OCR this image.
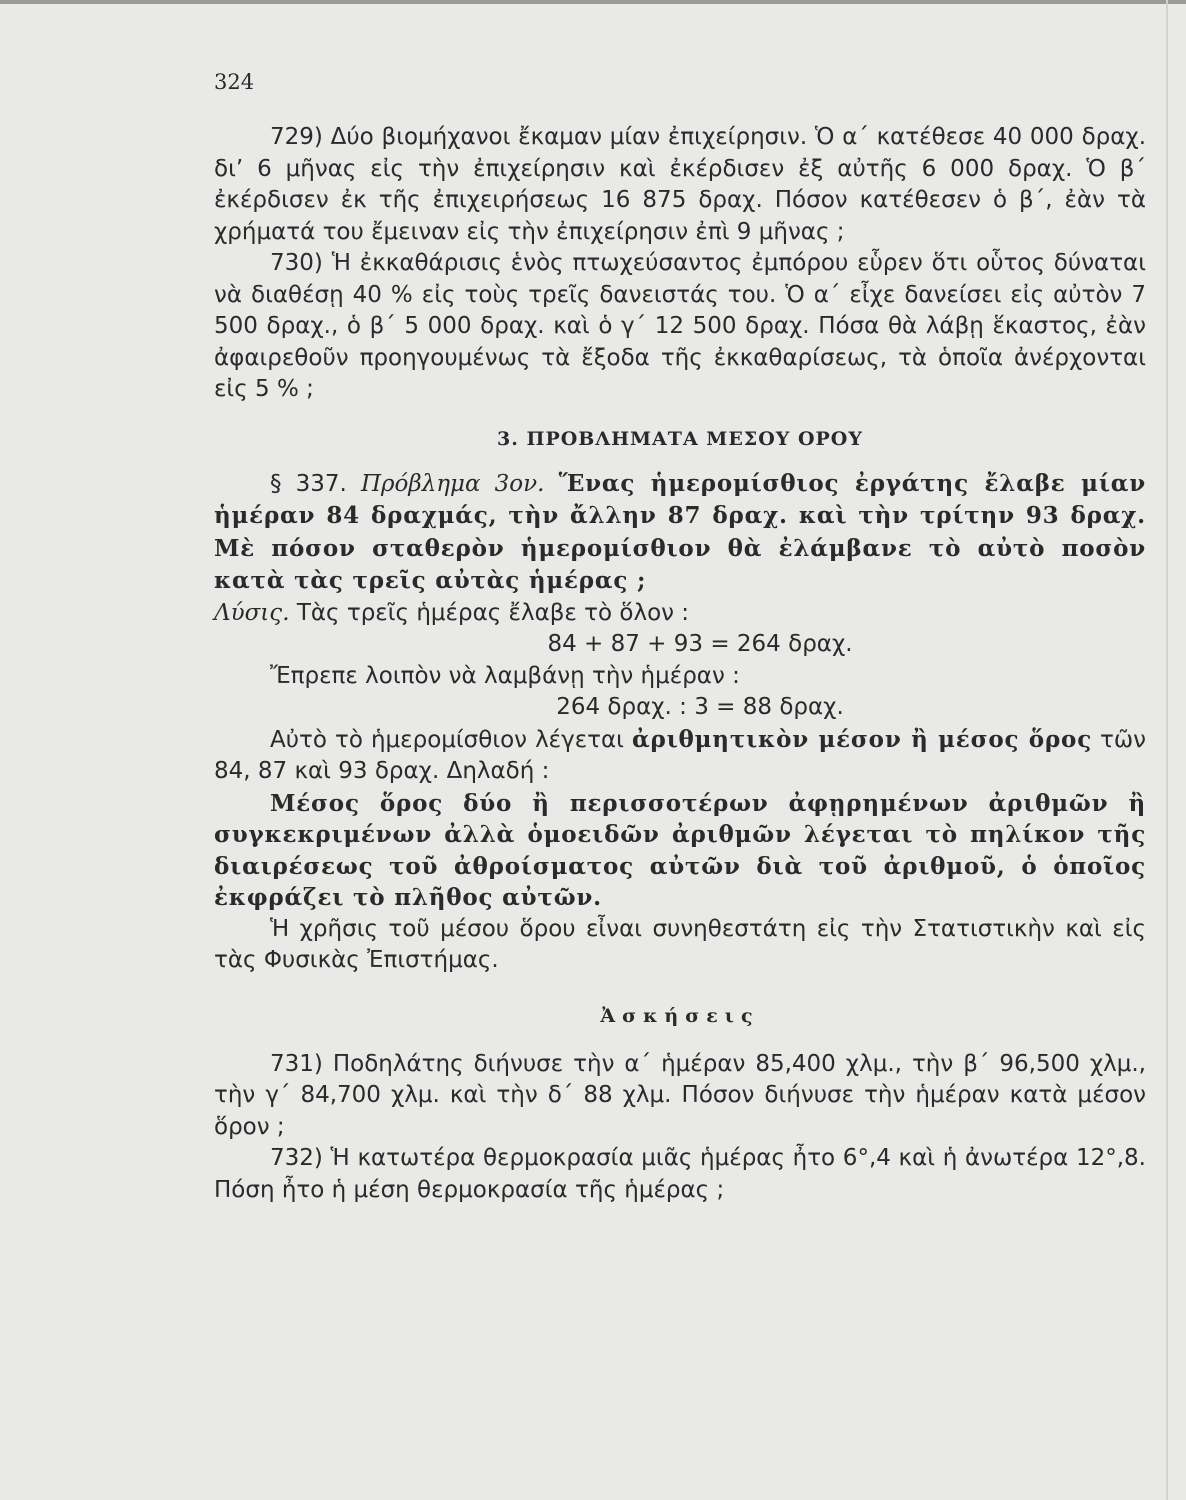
324

729) Δύο βιομήχανοι ἔκαμαν μίαν ἐπιχείρησιν. Ὁ α΄ κατέθεσε 40 000 δραχ. δι’ 6 μῆνας εἰς τὴν ἐπιχείρησιν καὶ ἐκέρδισεν ἐξ αὐτῆς 6 000 δραχ. Ὁ β΄ ἐκέρδισεν ἐκ τῆς ἐπιχειρήσεως 16 875 δραχ. Πόσον κατέθεσεν ὁ β΄, ἐὰν τὰ χρήματά του ἔμειναν εἰς τὴν ἐπιχείρησιν ἐπὶ 9 μῆνας ;

730) Ἡ ἐκκαθάρισις ἑνὸς πτωχεύσαντος ἐμπόρου εὗρεν ὅτι οὗτος δύναται νὰ διαθέσῃ 40 % εἰς τοὺς τρεῖς δανειστάς του. Ὁ α΄ εἶχε δανείσει εἰς αὐτὸν 7 500 δραχ., ὁ β΄ 5 000 δραχ. καὶ ὁ γ΄ 12 500 δραχ. Πόσα θὰ λάβῃ ἕκαστος, ἐὰν ἀφαιρεθοῦν προηγουμένως τὰ ἔξοδα τῆς ἐκκαθαρίσεως, τὰ ὁποῖα ἀνέρχονται εἰς 5 % ;

3. ΠΡΟΒΛΗΜΑΤΑ ΜΕΣΟΥ ΟΡΟΥ

§ 337. Πρόβλημα 3ον. Ἕνας ἡμερομίσθιος ἐργάτης ἔλαβε μίαν ἡμέραν 84 δραχμάς, τὴν ἄλλην 87 δραχ. καὶ τὴν τρίτην 93 δραχ. Μὲ πόσον σταθερὸν ἡμερομίσθιον θὰ ἐλάμβανε τὸ αὐτὸ ποσὸν κατὰ τὰς τρεῖς αὐτὰς ἡμέρας ;

Λύσις. Τὰς τρεῖς ἡμέρας ἔλαβε τὸ ὅλον :

84 + 87 + 93 = 264 δραχ.

Ἔπρεπε λοιπὸν νὰ λαμβάνῃ τὴν ἡμέραν :

264 δραχ. : 3 = 88 δραχ.

Αὐτὸ τὸ ἡμερομίσθιον λέγεται ἀριθμητικὸν μέσον ἢ μέσος ὅρος τῶν 84, 87 καὶ 93 δραχ. Δηλαδή :

Μέσος ὅρος δύο ἢ περισσοτέρων ἀφῃρημένων ἀριθμῶν ἢ συγκεκριμένων ἀλλὰ ὁμοειδῶν ἀριθμῶν λέγεται τὸ πηλίκον τῆς διαιρέσεως τοῦ ἀθροίσματος αὐτῶν διὰ τοῦ ἀριθμοῦ, ὁ ὁποῖος ἐκφράζει τὸ πλῆθος αὐτῶν.

Ἡ χρῆσις τοῦ μέσου ὅρου εἶναι συνηθεστάτη εἰς τὴν Στατιστικὴν καὶ εἰς τὰς Φυσικὰς Ἐπιστήμας.

Ἀσκήσεις

731) Ποδηλάτης διήνυσε τὴν α΄ ἡμέραν 85,400 χλμ., τὴν β΄ 96,500 χλμ., τὴν γ΄ 84,700 χλμ. καὶ τὴν δ΄ 88 χλμ. Πόσον διήνυσε τὴν ἡμέραν κατὰ μέσον ὅρον ;

732) Ἡ κατωτέρα θερμοκρασία μιᾶς ἡμέρας ἦτο 6°,4 καὶ ἡ ἀνωτέρα 12°,8. Πόση ἦτο ἡ μέση θερμοκρασία τῆς ἡμέρας ;
